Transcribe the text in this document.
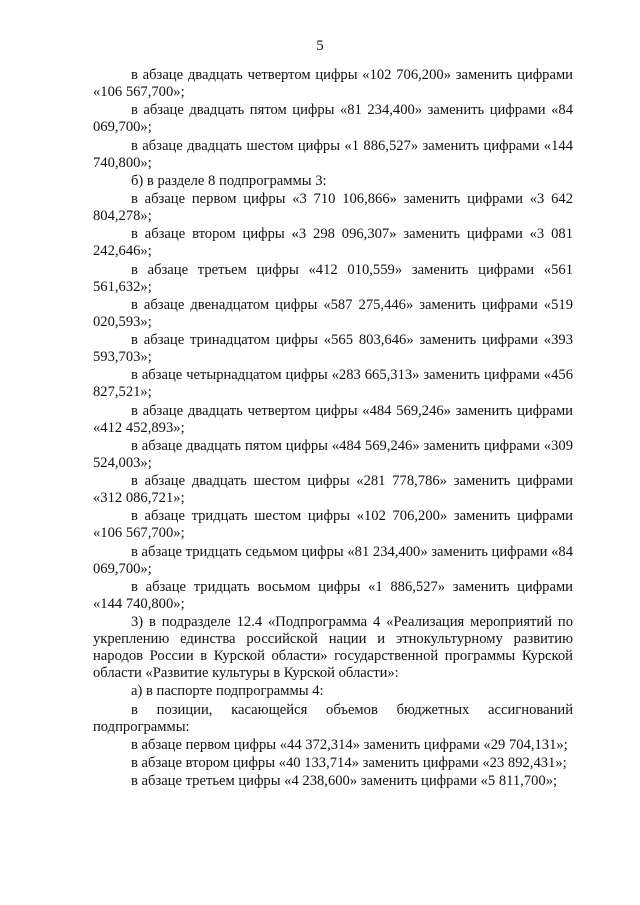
5

в абзаце двадцать четвертом цифры «102 706,200» заменить цифрами «106 567,700»;

в абзаце двадцать пятом цифры «81 234,400» заменить цифрами «84 069,700»;

в абзаце двадцать шестом цифры «1 886,527» заменить цифрами «144 740,800»;

б) в разделе 8 подпрограммы 3:

в абзаце первом цифры «3 710 106,866» заменить цифрами «3 642 804,278»;

в абзаце втором цифры «3 298 096,307» заменить цифрами «3 081 242,646»;

в абзаце третьем цифры «412 010,559» заменить цифрами «561 561,632»;

в абзаце двенадцатом цифры «587 275,446» заменить цифрами «519 020,593»;

в абзаце тринадцатом цифры «565 803,646» заменить цифрами «393 593,703»;

в абзаце четырнадцатом цифры «283 665,313» заменить цифрами «456 827,521»;

в абзаце двадцать четвертом цифры «484 569,246» заменить цифрами «412 452,893»;

в абзаце двадцать пятом цифры «484 569,246» заменить цифрами «309 524,003»;

в абзаце двадцать шестом цифры «281 778,786» заменить цифрами «312 086,721»;

в абзаце тридцать шестом цифры «102 706,200» заменить цифрами «106 567,700»;

в абзаце тридцать седьмом цифры «81 234,400» заменить цифрами «84 069,700»;

в абзаце тридцать восьмом цифры «1 886,527» заменить цифрами «144 740,800»;

3) в подразделе 12.4 «Подпрограмма 4 «Реализация мероприятий по укреплению единства российской нации и этнокультурному развитию народов России в Курской области» государственной программы Курской области «Развитие культуры в Курской области»:

а) в паспорте подпрограммы 4:

в позиции, касающейся объемов бюджетных ассигнований подпрограммы:

в абзаце первом цифры «44 372,314» заменить цифрами «29 704,131»;

в абзаце втором цифры «40 133,714» заменить цифрами «23 892,431»;

в абзаце третьем цифры «4 238,600» заменить цифрами «5 811,700»;
